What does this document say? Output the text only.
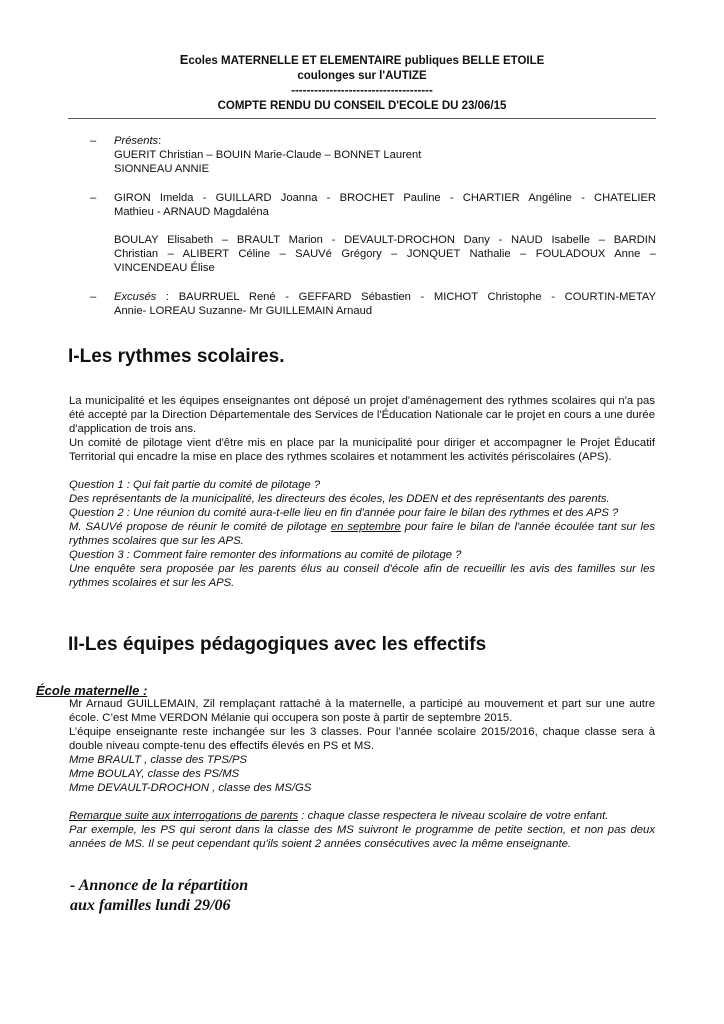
Ecoles MATERNELLE ET ELEMENTAIRE publiques BELLE ETOILE
coulonges sur l'AUTIZE
-------------------------------------
COMPTE RENDU DU CONSEIL D'ECOLE DU 23/06/15
– Présents:
GUERIT Christian – BOUIN Marie-Claude – BONNET Laurent
SIONNEAU ANNIE
– GIRON Imelda - GUILLARD Joanna - BROCHET Pauline - CHARTIER Angéline - CHATELIER
Mathieu - ARNAUD Magdaléna
BOULAY Elisabeth – BRAULT Marion - DEVAULT-DROCHON Dany - NAUD Isabelle – BARDIN
Christian – ALIBERT Céline – SAUVé Grégory – JONQUET Nathalie – FOULADOUX Anne –
VINCENDEAU Élise
– Excusés : BAURRUEL René - GEFFARD Sébastien - MICHOT Christophe - COURTIN-METAY
Annie- LOREAU Suzanne- Mr GUILLEMAIN Arnaud
I-Les rythmes scolaires.

La municipalité et les équipes enseignantes ont déposé un projet d'aménagement des rythmes scolaires qui n'a pas été accepté par la Direction Départementale des Services de l'Éducation Nationale car le projet en cours a une durée d'application de trois ans.

Un comité de pilotage vient d'être mis en place par la municipalité pour diriger et accompagner le Projet Éducatif Territorial qui encadre la mise en place des rythmes scolaires et notamment les activités périscolaires (APS).

Question 1 : Qui fait partie du comité de pilotage ?

Des représentants de la municipalité, les directeurs des écoles, les DDEN et des représentants des parents.

Question 2 : Une réunion du comité aura-t-elle lieu en fin d'année pour faire le bilan des rythmes et des APS ?

M. SAUVé propose de réunir le comité de pilotage en septembre pour faire le bilan de l'année écoulée tant sur les rythmes scolaires que sur les APS.

Question 3 : Comment faire remonter des informations au comité de pilotage ?

Une enquête sera proposée par les parents élus au conseil d'école afin de recueillir les avis des familles sur les rythmes scolaires et sur les APS.

II-Les équipes pédagogiques avec les effectifs
École maternelle :

Mr Arnaud GUILLEMAIN, Zil remplaçant rattaché à la maternelle, a participé au mouvement et part sur une autre école. C’est Mme VERDON Mélanie qui occupera son poste à partir de septembre 2015.

L’équipe enseignante reste inchangée sur les 3 classes. Pour l’année scolaire 2015/2016, chaque classe sera à double niveau compte-tenu des effectifs élevés en PS et MS.

Mme BRAULT , classe des TPS/PS

Mme BOULAY, classe des PS/MS

Mme DEVAULT-DROCHON , classe des MS/GS

Remarque suite aux interrogations de parents : chaque classe respectera le niveau scolaire de votre enfant.

Par exemple, les PS qui seront dans la classe des MS suivront le programme de petite section, et non pas deux années de MS. Il se peut cependant qu'ils soient 2 années consécutives avec la même enseignante.

- Annonce de la répartition
aux familles lundi 29/06
